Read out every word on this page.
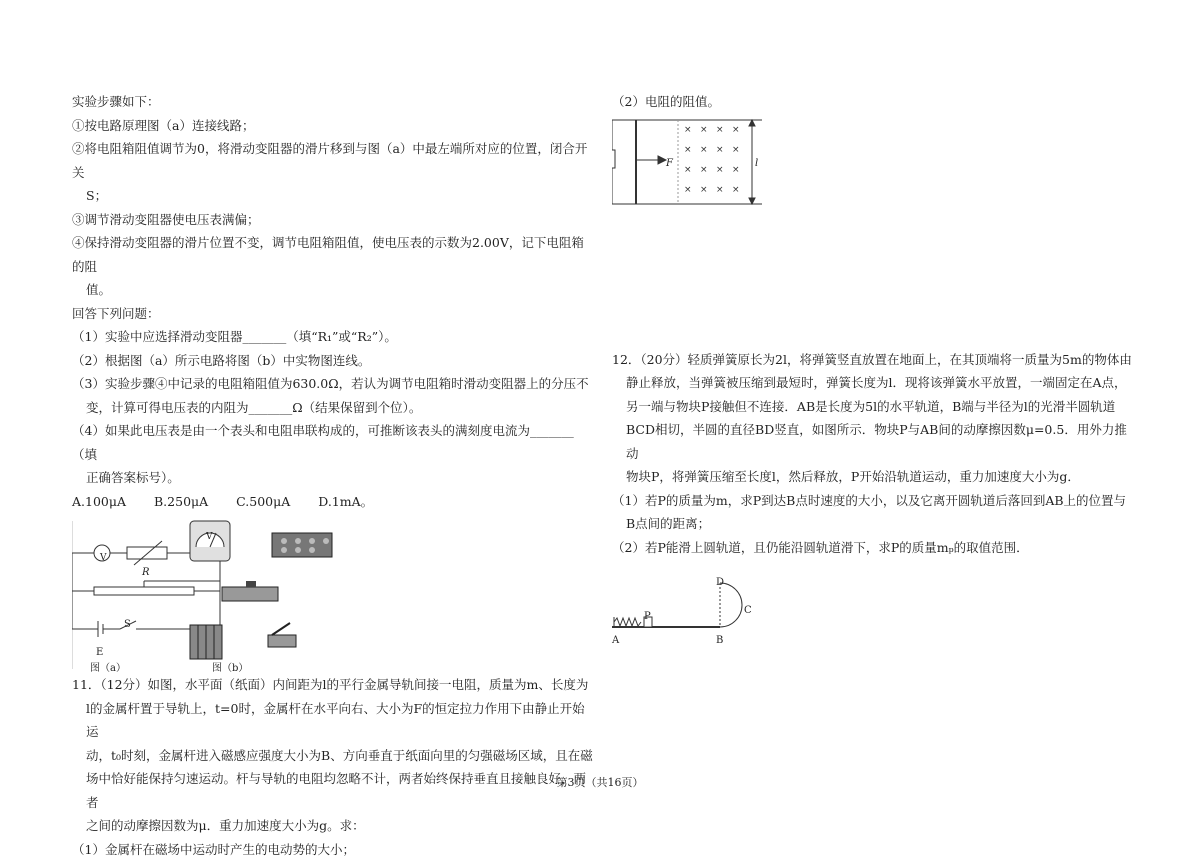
实验步骤如下：

①按电路原理图（a）连接线路；

②将电阻箱阻值调节为0，将滑动变阻器的滑片移到与图（a）中最左端所对应的位置，闭合开关

S；

③调节滑动变阻器使电压表满偏；

④保持滑动变阻器的滑片位置不变，调节电阻箱阻值，使电压表的示数为2.00V，记下电阻箱的阻

值。

回答下列问题：

（1）实验中应选择滑动变阻器_______（填“R₁”或“R₂”）。

（2）根据图（a）所示电路将图（b）中实物图连线。

（3）实验步骤④中记录的电阻箱阻值为630.0Ω，若认为调节电阻箱时滑动变阻器上的分压不

变，计算可得电压表的内阻为_______Ω（结果保留到个位）。

（4）如果此电压表是由一个表头和电阻串联构成的，可推断该表头的满刻度电流为_______（填

正确答案标号）。

A.100μA B.250μA C.500μA D.1mA。

V
R
E
S
V
图（a）	图（b）

11．（12分）如图，水平面（纸面）内间距为l的平行金属导轨间接一电阻，质量为m、长度为

l的金属杆置于导轨上，t=0时，金属杆在水平向右、大小为F的恒定拉力作用下由静止开始运

动，t₀时刻，金属杆进入磁感应强度大小为B、方向垂直于纸面向里的匀强磁场区域，且在磁

场中恰好能保持匀速运动。杆与导轨的电阻均忽略不计，两者始终保持垂直且接触良好，两者

之间的动摩擦因数为μ．重力加速度大小为g。求：

（1）金属杆在磁场中运动时产生的电动势的大小；

（2）电阻的阻值。

× × × ×
× × × ×
× × × ×
× × × ×
F	l

12．（20分）轻质弹簧原长为2l，将弹簧竖直放置在地面上，在其顶端将一质量为5m的物体由

静止释放，当弹簧被压缩到最短时，弹簧长度为l．现将该弹簧水平放置，一端固定在A点，

另一端与物块P接触但不连接．AB是长度为5l的水平轨道，B端与半径为l的光滑半圆轨道

BCD相切，半圆的直径BD竖直，如图所示．物块P与AB间的动摩擦因数μ=0.5．用外力推动

物块P，将弹簧压缩至长度l，然后释放，P开始沿轨道运动，重力加速度大小为g．

（1）若P的质量为m，求P到达B点时速度的大小，以及它离开圆轨道后落回到AB上的位置与

B点间的距离；

（2）若P能滑上圆轨道，且仍能沿圆轨道滑下，求P的质量mₚ的取值范围．

A	B
C
D
P
第3页（共16页）
